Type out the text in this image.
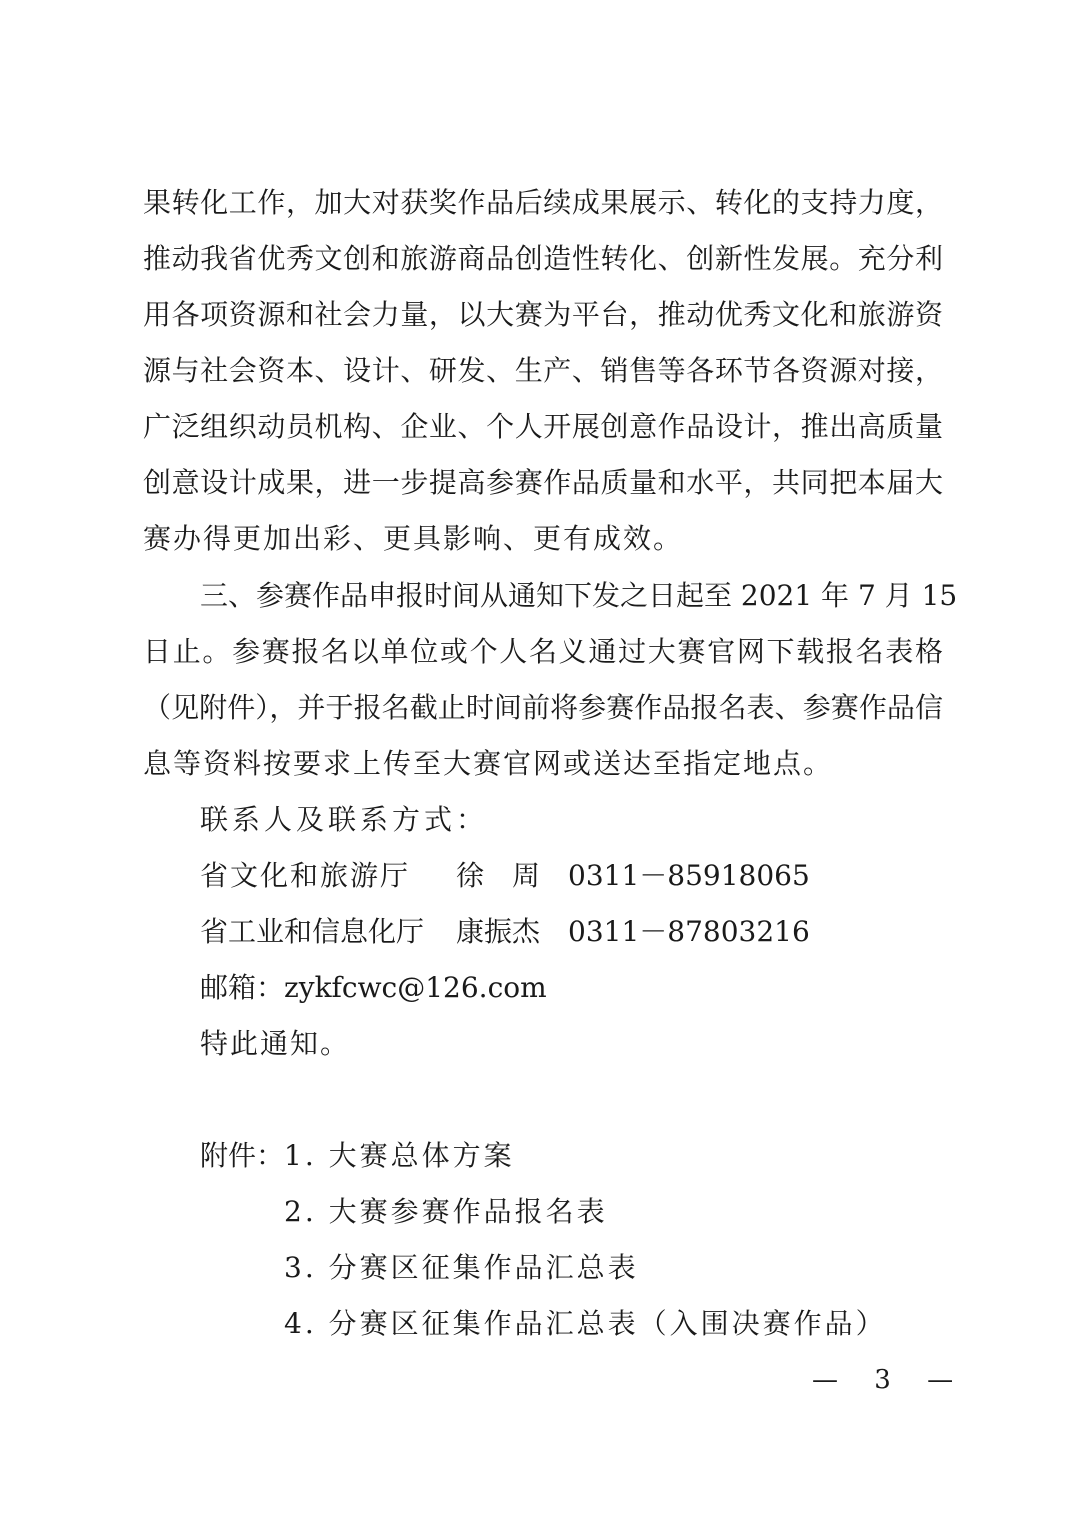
果转化工作，加大对获奖作品后续成果展示、转化的支持力度，
推动我省优秀文创和旅游商品创造性转化、创新性发展。充分利
用各项资源和社会力量，以大赛为平台，推动优秀文化和旅游资
源与社会资本、设计、研发、生产、销售等各环节各资源对接，
广泛组织动员机构、企业、个人开展创意作品设计，推出高质量
创意设计成果，进一步提高参赛作品质量和水平，共同把本届大
赛办得更加出彩、更具影响、更有成效。
三、参赛作品申报时间从通知下发之日起至 2021 年 7 月 15
日止。参赛报名以单位或个人名义通过大赛官网下载报名表格
（见附件），并于报名截止时间前将参赛作品报名表、参赛作品信
息等资料按要求上传至大赛官网或送达至指定地点。
联系人及联系方式：
省文化和旅游厅 徐　周 0311－85918065
省工业和信息化厅 康振杰 0311－87803216
邮箱：zykfcwc@126.com
特此通知。
附件： 1. 大赛总体方案
2. 大赛参赛作品报名表
3. 分赛区征集作品汇总表
4. 分赛区征集作品汇总表（入围决赛作品）
— 3 —
